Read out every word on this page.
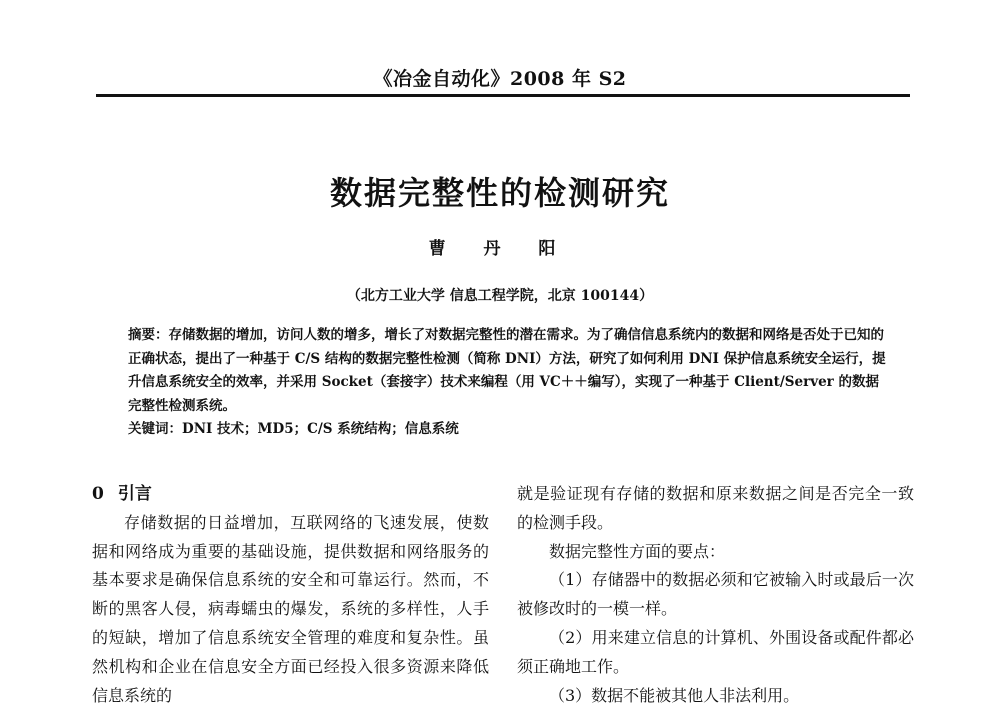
《冶金自动化》2008 年 S2
数据完整性的检测研究
曹 丹 阳
（北方工业大学 信息工程学院，北京 100144）

摘要：存储数据的增加，访问人数的增多，增长了对数据完整性的潜在需求。为了确信信息系统内的数据和网络是否处于已知的正确状态，提出了一种基于 C/S 结构的数据完整性检测（简称 DNI）方法，研究了如何利用 DNI 保护信息系统安全运行，提升信息系统安全的效率，并采用 Socket（套接字）技术来编程（用 VC＋＋编写），实现了一种基于 Client/Server 的数据完整性检测系统。

关键词：DNI 技术；MD5；C/S 系统结构；信息系统

0 引言

存储数据的日益增加，互联网络的飞速发展，使数据和网络成为重要的基础设施，提供数据和网络服务的基本要求是确保信息系统的安全和可靠运行。然而，不断的黑客人侵，病毒蠕虫的爆发，系统的多样性，人手的短缺，增加了信息系统安全管理的难度和复杂性。虽然机构和企业在信息安全方面已经投入很多资源来降低信息系统的

就是验证现有存储的数据和原来数据之间是否完全一致的检测手段。

数据完整性方面的要点：

（1）存储器中的数据必须和它被输入时或最后一次被修改时的一模一样。

（2）用来建立信息的计算机、外围设备或配件都必须正确地工作。

（3）数据不能被其他人非法利用。
